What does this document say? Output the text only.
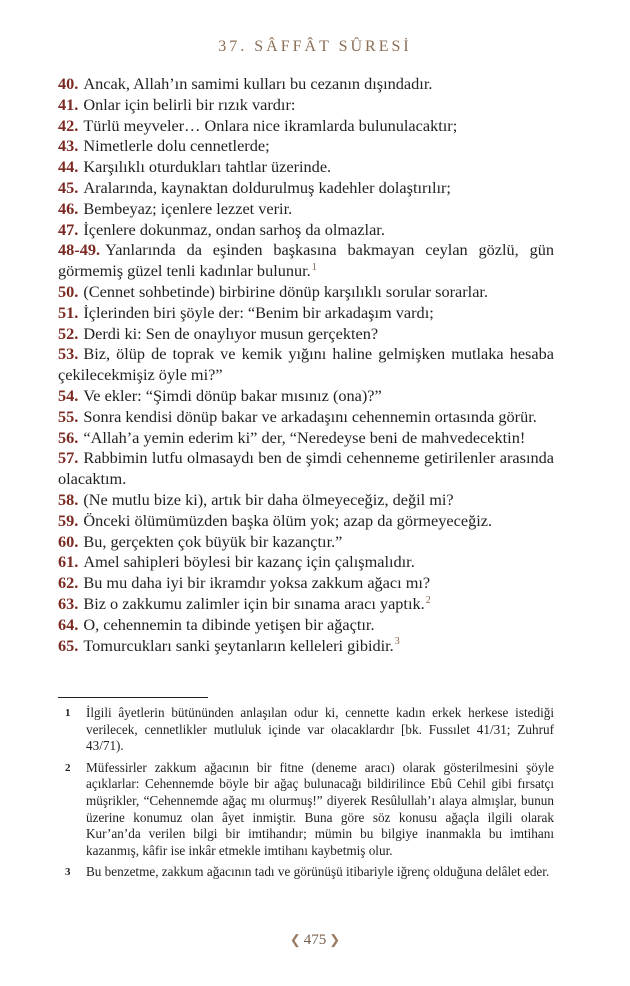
37. SÂFFÂT SÛRESİ
40. Ancak, Allah’ın samimi kulları bu cezanın dışındadır.
41. Onlar için belirli bir rızık vardır:
42. Türlü meyveler… Onlara nice ikramlarda bulunulacaktır;
43. Nimetlerle dolu cennetlerde;
44. Karşılıklı oturdukları tahtlar üzerinde.
45. Aralarında, kaynaktan doldurulmuş kadehler dolaştırılır;
46. Bembeyaz; içenlere lezzet verir.
47. İçenlere dokunmaz, ondan sarhoş da olmazlar.
48-49. Yanlarında da eşinden başkasına bakmayan ceylan gözlü, gün görmemiş güzel tenli kadınlar bulunur.$^1$
50. (Cennet sohbetinde) birbirine dönüp karşılıklı sorular sorarlar.
51. İçlerinden biri şöyle der: “Benim bir arkadaşım vardı;
52. Derdi ki: Sen de onaylıyor musun gerçekten?
53. Biz, ölüp de toprak ve kemik yığını haline gelmişken mutlaka hesaba çekilecekmişiz öyle mi?”
54. Ve ekler: “Şimdi dönüp bakar mısınız (ona)?”
55. Sonra kendisi dönüp bakar ve arkadaşını cehennemin ortasında görür.
56. “Allah’a yemin ederim ki” der, “Neredeyse beni de mahvedecektin!
57. Rabbimin lutfu olmasaydı ben de şimdi cehenneme getirilenler arasında olacaktım.
58. (Ne mutlu bize ki), artık bir daha ölmeyeceğiz, değil mi?
59. Önceki ölümümüzden başka ölüm yok; azap da görmeyeceğiz.
60. Bu, gerçekten çok büyük bir kazançtır.”
61. Amel sahipleri böylesi bir kazanç için çalışmalıdır.
62. Bu mu daha iyi bir ikramdır yoksa zakkum ağacı mı?
63. Biz o zakkumu zalimler için bir sınama aracı yaptık.$^2$
64. O, cehennemin ta dibinde yetişen bir ağaçtır.
65. Tomurcukları sanki şeytanların kelleleri gibidir.$^3$
1	İlgili âyetlerin bütününden anlaşılan odur ki, cennette kadın erkek herkese istediği verilecek, cennetlikler mutluluk içinde var olacaklardır [bk. Fussılet 41/31; Zuhruf 43/71).
2	Müfessirler zakkum ağacının bir fitne (deneme aracı) olarak gösterilmesini şöyle açıklarlar: Cehennemde böyle bir ağaç bulunacağı bildirilince Ebû Cehil gibi fırsatçı müşrikler, “Cehennemde ağaç mı olurmuş!” diyerek Resûlullah’ı alaya almışlar, bunun üzerine konumuz olan âyet inmiştir. Buna göre söz konusu ağaçla ilgili olarak Kur’an’da verilen bilgi bir imtihandır; mümin bu bilgiye inanmakla bu imtihanı kazanmış, kâfir ise inkâr etmekle imtihanı kaybetmiş olur.
3	Bu benzetme, zakkum ağacının tadı ve görünüşü itibariyle iğrenç olduğuna delâlet eder.
❮ 475 ❯
